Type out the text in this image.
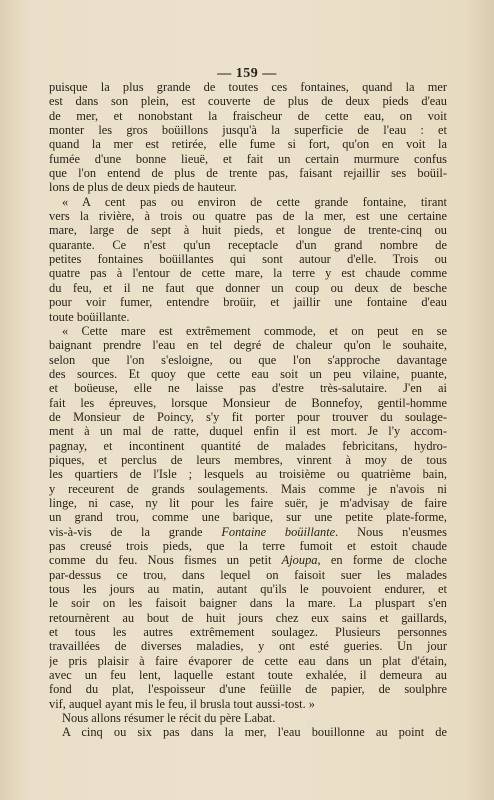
— 159 —
puisque la plus grande de toutes ces fontaines, quand la mer
est dans son plein, est couverte de plus de deux pieds d'eau
de mer, et nonobstant la fraischeur de cette eau, on voit
monter les gros boüillons jusqu'à la superficie de l'eau : et
quand la mer est retirée, elle fume si fort, qu'on en voit la
fumée d'une bonne lieuë, et fait un certain murmure confus
que l'on entend de plus de trente pas, faisant rejaillir ses boüil-
lons de plus de deux pieds de hauteur.
« A cent pas ou environ de cette grande fontaine, tirant
vers la rivière, à trois ou quatre pas de la mer, est une certaine
mare, large de sept à huit pieds, et longue de trente-cinq ou
quarante. Ce n'est qu'un receptacle d'un grand nombre de
petites fontaines boüillantes qui sont autour d'elle. Trois ou
quatre pas à l'entour de cette mare, la terre y est chaude comme
du feu, et il ne faut que donner un coup ou deux de besche
pour voir fumer, entendre broüir, et jaillir une fontaine d'eau
toute boüillante.
« Cette mare est extrêmement commode, et on peut en se
baignant prendre l'eau en tel degré de chaleur qu'on le souhaite,
selon que l'on s'esloigne, ou que l'on s'approche davantage
des sources. Et quoy que cette eau soit un peu vilaine, puante,
et boüeuse, elle ne laisse pas d'estre très-salutaire. J'en ai
fait les épreuves, lorsque Monsieur de Bonnefoy, gentil-homme
de Monsieur de Poincy, s'y fit porter pour trouver du soulage-
ment à un mal de ratte, duquel enfin il est mort. Je l'y accom-
pagnay, et incontinent quantité de malades febricitans, hydro-
piques, et perclus de leurs membres, vinrent à moy de tous
les quartiers de l'Isle ; lesquels au troisième ou quatrième bain,
y receurent de grands soulagements. Mais comme je n'avois ni
linge, ni case, ny lit pour les faire suër, je m'advisay de faire
un grand trou, comme une barique, sur une petite plate-forme,
vis-à-vis de la grande Fontaine boüillante. Nous n'eusmes
pas creusé trois pieds, que la terre fumoit et estoit chaude
comme du feu. Nous fismes un petit Ajoupa, en forme de cloche
par-dessus ce trou, dans lequel on faisoit suer les malades
tous les jours au matin, autant qu'ils le pouvoient endurer, et
le soir on les faisoit baigner dans la mare. La pluspart s'en
retournèrent au bout de huit jours chez eux sains et gaillards,
et tous les autres extrêmement soulagez. Plusieurs personnes
travaillées de diverses maladies, y ont esté gueries. Un jour
je pris plaisir à faire évaporer de cette eau dans un plat d'étain,
avec un feu lent, laquelle estant toute exhalée, il demeura au
fond du plat, l'espoisseur d'une feüille de papier, de soulphre
vif, auquel ayant mis le feu, il brusla tout aussi-tost. »
Nous allons résumer le récit du père Labat.
A cinq ou six pas dans la mer, l'eau bouillonne au point de
